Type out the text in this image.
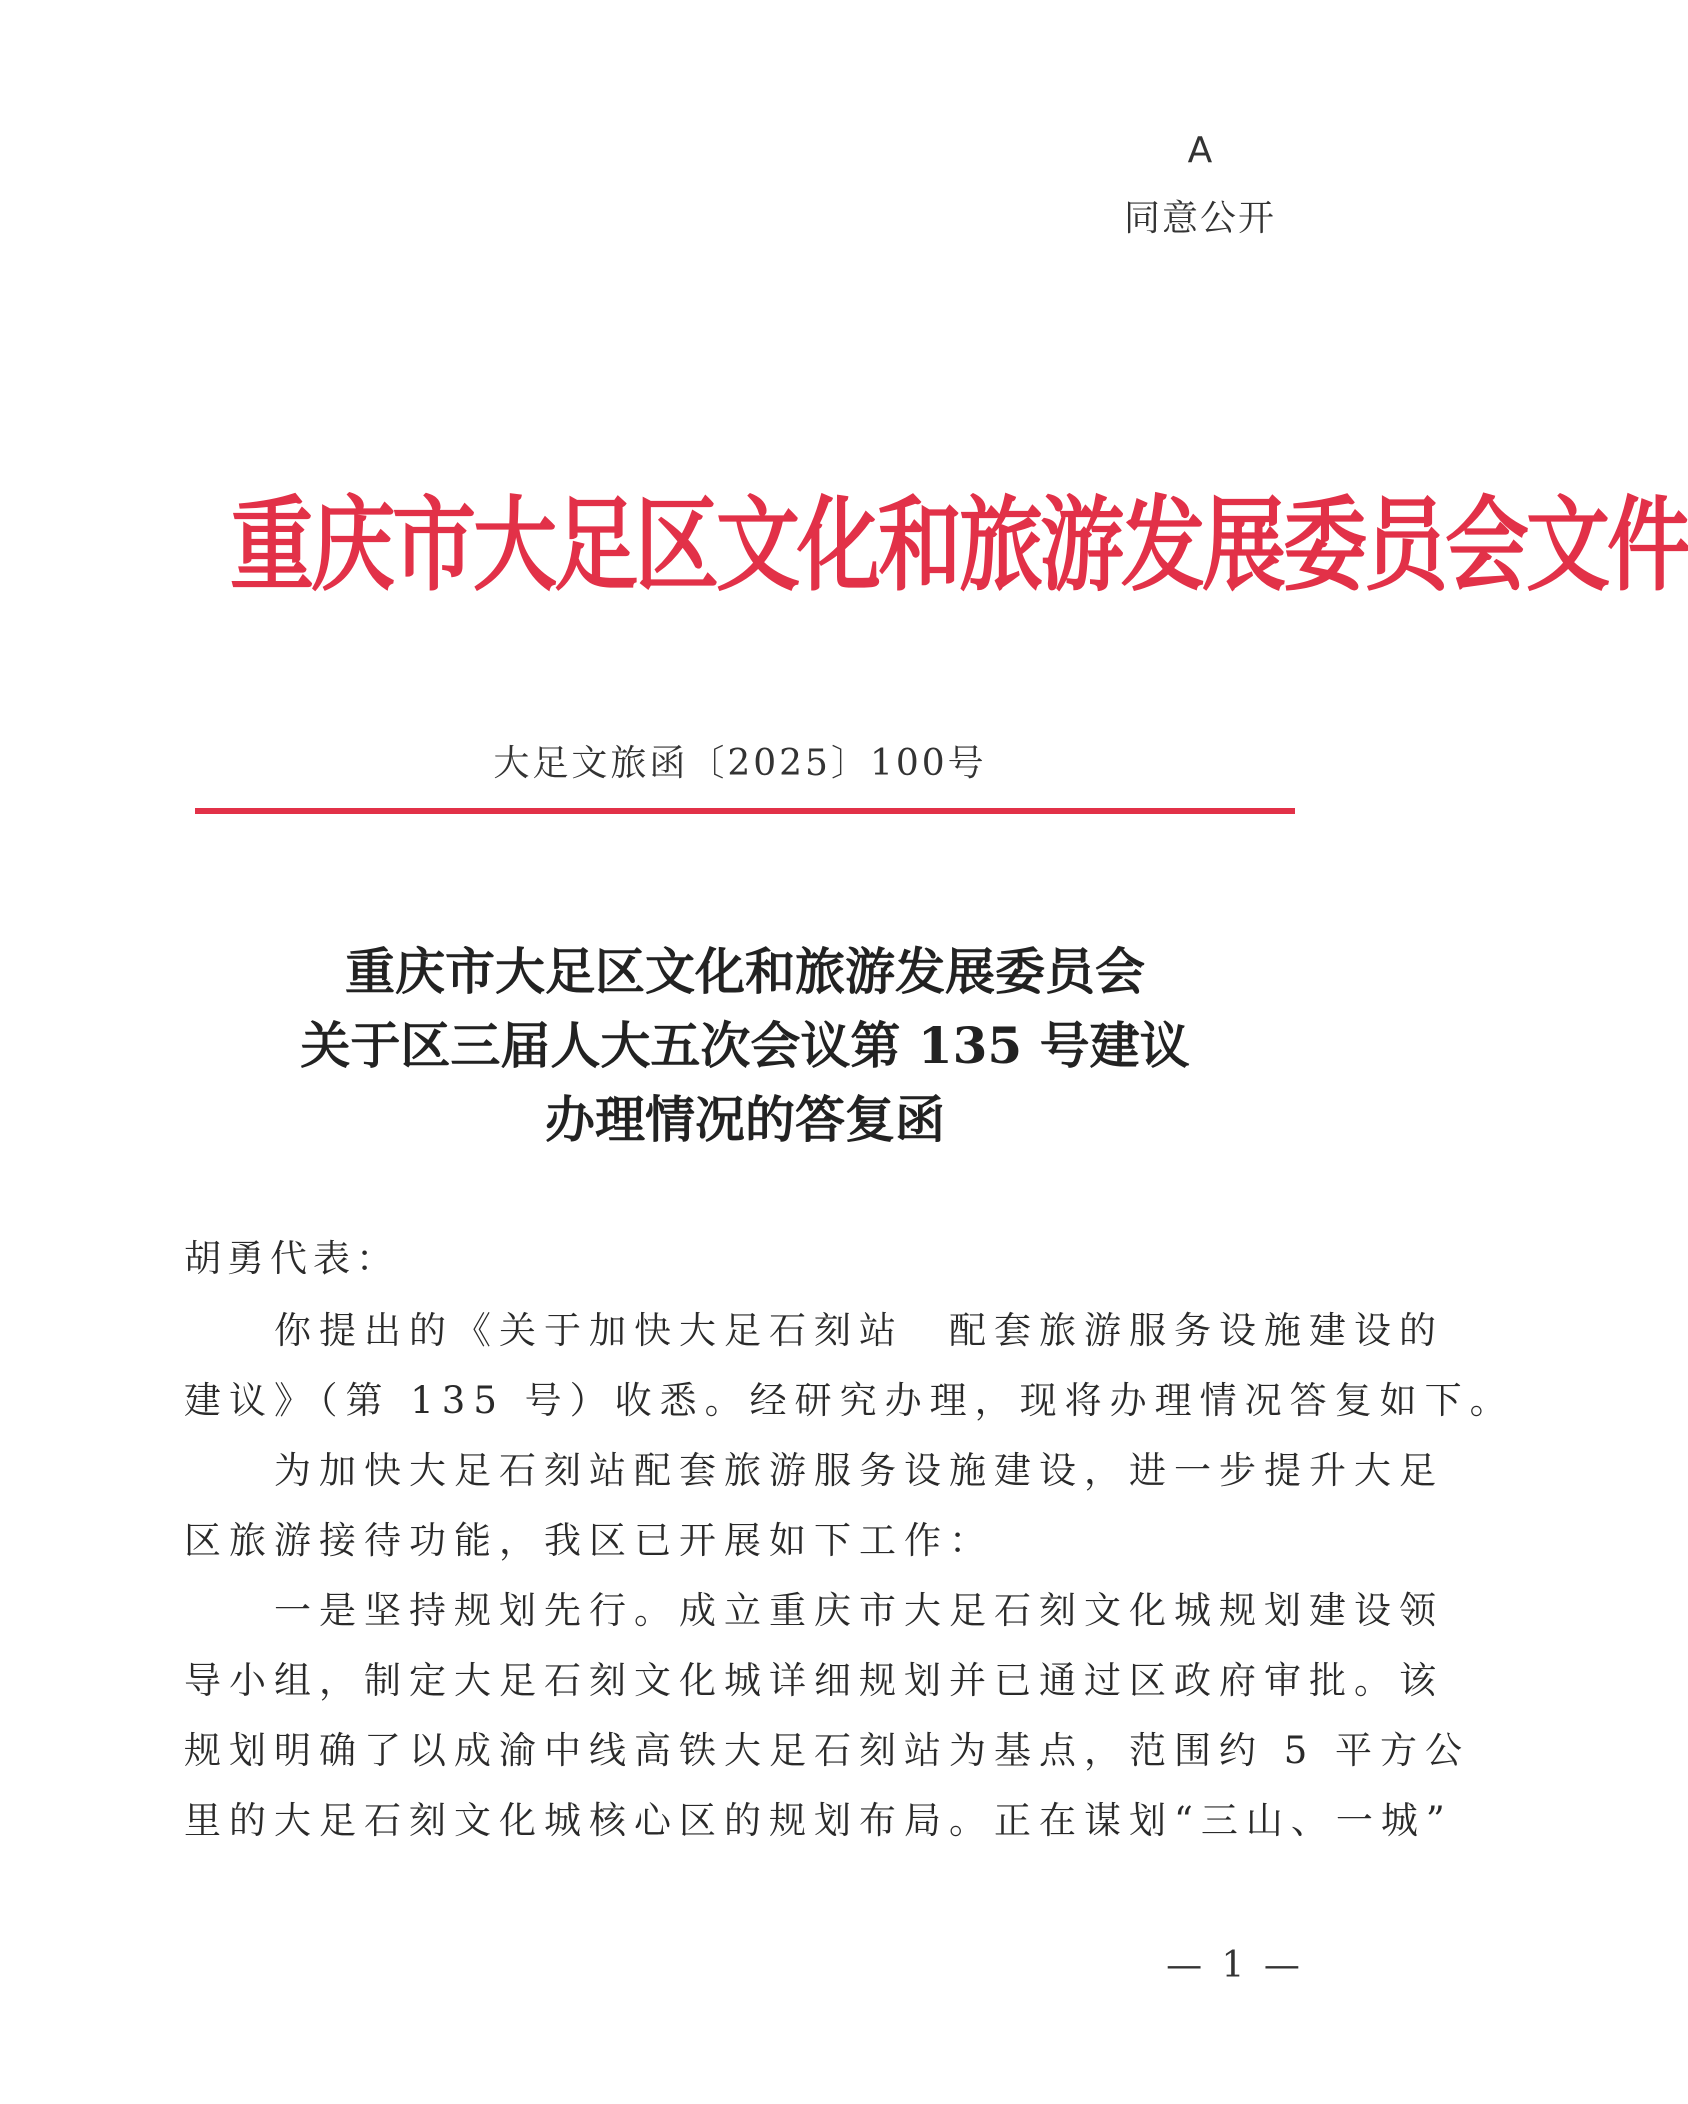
A
同意公开
重庆市大足区文化和旅游发展委员会文件
大足文旅函〔2025〕100号
重庆市大足区文化和旅游发展委员会
关于区三届人大五次会议第 135 号建议
办理情况的答复函
胡勇代表：
　　你提出的《关于加快大足石刻站　配套旅游服务设施建设的
建议》（第 135 号）收悉。经研究办理，现将办理情况答复如下。
　　为加快大足石刻站配套旅游服务设施建设，进一步提升大足
区旅游接待功能，我区已开展如下工作：
　　一是坚持规划先行。成立重庆市大足石刻文化城规划建设领
导小组，制定大足石刻文化城详细规划并已通过区政府审批。该
规划明确了以成渝中线高铁大足石刻站为基点，范围约 5 平方公
里的大足石刻文化城核心区的规划布局。正在谋划“三山、一城”
— 1 —
